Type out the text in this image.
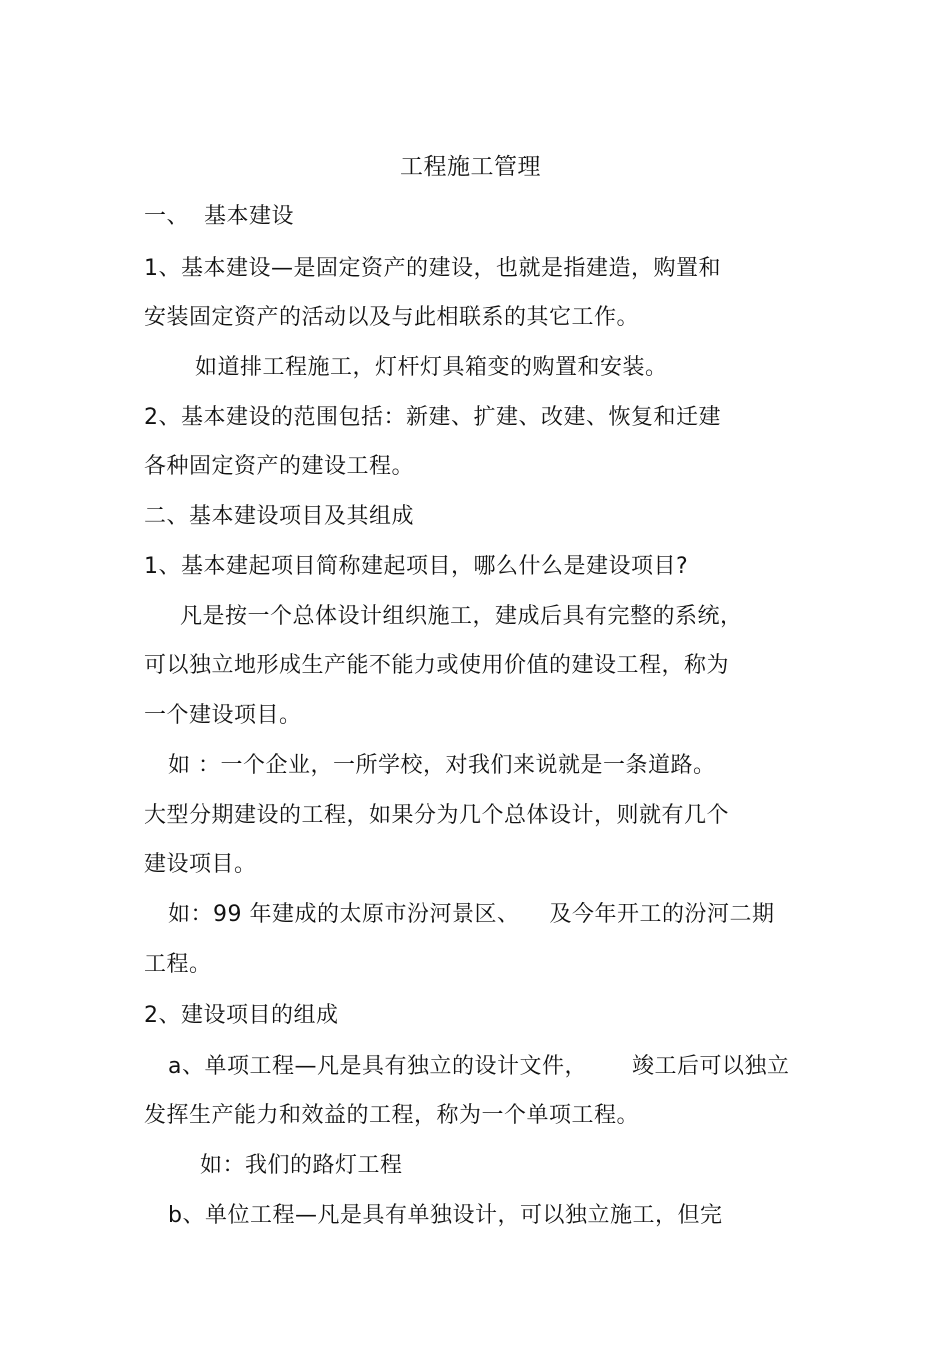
工程施工管理
一、  基本建设
1、基本建设—是固定资产的建设，也就是指建造，购置和
安装固定资产的活动以及与此相联系的其它工作。
如道排工程施工，灯杆灯具箱变的购置和安装。
2、基本建设的范围包括：新建、扩建、改建、恢复和迁建
各种固定资产的建设工程。
二、基本建设项目及其组成
1、基本建起项目简称建起项目，哪么什么是建设项目?
凡是按一个总体设计组织施工，建成后具有完整的系统，
可以独立地形成生产能不能力或使用价值的建设工程，称为
一个建设项目。
如 ：一个企业，一所学校，对我们来说就是一条道路。
大型分期建设的工程，如果分为几个总体设计，则就有几个
建设项目。
如：99 年建成的太原市汾河景区、    及今年开工的汾河二期
工程。
2、建设项目的组成
a、单项工程—凡是具有独立的设计文件，      竣工后可以独立
发挥生产能力和效益的工程，称为一个单项工程。
如：我们的路灯工程
b、单位工程—凡是具有单独设计，可以独立施工，但完
